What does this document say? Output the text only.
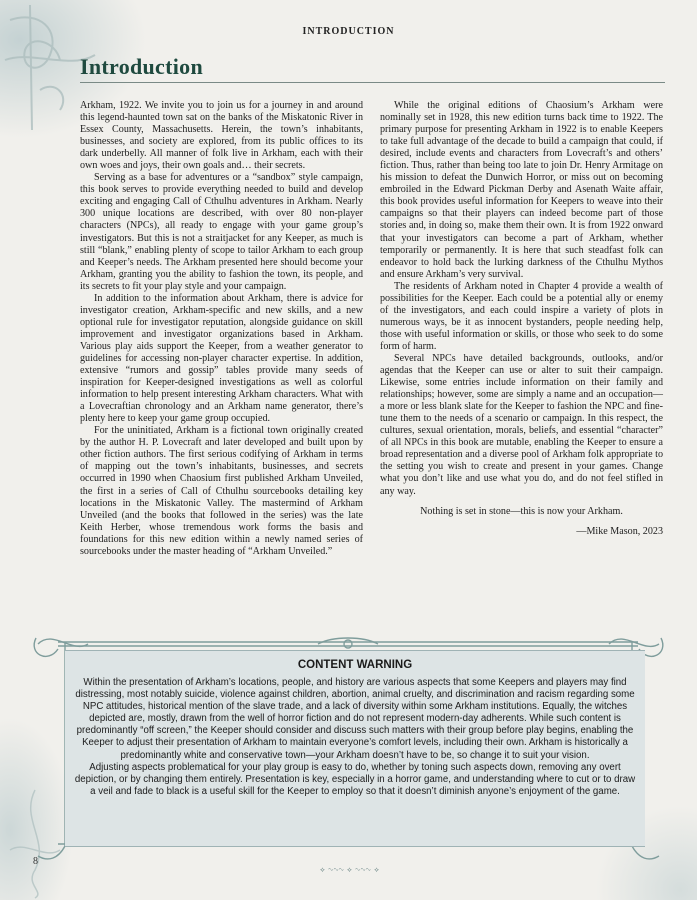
INTRODUCTION
Introduction

Arkham, 1922. We invite you to join us for a journey in and around this legend-haunted town sat on the banks of the Miskatonic River in Essex County, Massachusetts. Herein, the town’s inhabitants, businesses, and society are explored, from its public offices to its dark underbelly. All manner of folk live in Arkham, each with their own woes and joys, their own goals and… their secrets.

Serving as a base for adventures or a “sandbox” style campaign, this book serves to provide everything needed to build and develop exciting and engaging Call of Cthulhu adventures in Arkham. Nearly 300 unique locations are described, with over 80 non-player characters (NPCs), all ready to engage with your game group’s investigators. But this is not a straitjacket for any Keeper, as much is still “blank,” enabling plenty of scope to tailor Arkham to each group and Keeper’s needs. The Arkham presented here should become your Arkham, granting you the ability to fashion the town, its people, and its secrets to fit your play style and your campaign.

In addition to the information about Arkham, there is advice for investigator creation, Arkham-specific and new skills, and a new optional rule for investigator reputation, alongside guidance on skill improvement and investigator organizations based in Arkham. Various play aids support the Keeper, from a weather generator to guidelines for accessing non-player character expertise. In addition, extensive “rumors and gossip” tables provide many seeds of inspiration for Keeper-designed investigations as well as colorful information to help present interesting Arkham characters. What with a Lovecraftian chronology and an Arkham name generator, there’s plenty here to keep your game group occupied.

For the uninitiated, Arkham is a fictional town originally created by the author H. P. Lovecraft and later developed and built upon by other fiction authors. The first serious codifying of Arkham in terms of mapping out the town’s inhabitants, businesses, and secrets occurred in 1990 when Chaosium first published Arkham Unveiled, the first in a series of Call of Cthulhu sourcebooks detailing key locations in the Miskatonic Valley. The mastermind of Arkham Unveiled (and the books that followed in the series) was the late Keith Herber, whose tremendous work forms the basis and foundations for this new edition within a newly named series of sourcebooks under the master heading of “Arkham Unveiled.”

While the original editions of Chaosium’s Arkham were nominally set in 1928, this new edition turns back time to 1922. The primary purpose for presenting Arkham in 1922 is to enable Keepers to take full advantage of the decade to build a campaign that could, if desired, include events and characters from Lovecraft’s and others’ fiction. Thus, rather than being too late to join Dr. Henry Armitage on his mission to defeat the Dunwich Horror, or miss out on becoming embroiled in the Edward Pickman Derby and Asenath Waite affair, this book provides useful information for Keepers to weave into their campaigns so that their players can indeed become part of those stories and, in doing so, make them their own. It is from 1922 onward that your investigators can become a part of Arkham, whether temporarily or permanently. It is here that such steadfast folk can endeavor to hold back the lurking darkness of the Cthulhu Mythos and ensure Arkham’s very survival.

The residents of Arkham noted in Chapter 4 provide a wealth of possibilities for the Keeper. Each could be a potential ally or enemy of the investigators, and each could inspire a variety of plots in numerous ways, be it as innocent bystanders, people needing help, those with useful information or skills, or those who seek to do some form of harm.

Several NPCs have detailed backgrounds, outlooks, and/or agendas that the Keeper can use or alter to suit their campaign. Likewise, some entries include information on their family and relationships; however, some are simply a name and an occupation—a more or less blank slate for the Keeper to fashion the NPC and fine-tune them to the needs of a scenario or campaign. In this respect, the cultures, sexual orientation, morals, beliefs, and essential “character” of all NPCs in this book are mutable, enabling the Keeper to ensure a broad representation and a diverse pool of Arkham folk appropriate to the setting you wish to create and present in your games. Change what you don’t like and use what you do, and do not feel stifled in any way.

Nothing is set in stone—this is now your Arkham.

—Mike Mason, 2023

CONTENT WARNING

Within the presentation of Arkham’s locations, people, and history are various aspects that some Keepers and players may find distressing, most notably suicide, violence against children, abortion, animal cruelty, and discrimination and racism regarding some NPC attitudes, historical mention of the slave trade, and a lack of diversity within some Arkham institutions. Equally, the witches depicted are, mostly, drawn from the well of horror fiction and do not represent modern-day adherents. While such content is predominantly “off screen,” the Keeper should consider and discuss such matters with their group before play begins, enabling the Keeper to adjust their presentation of Arkham to maintain everyone’s comfort levels, including their own. Arkham is historically a predominantly white and conservative town—your Arkham doesn’t have to be, so change it to suit your vision.

Adjusting aspects problematical for your play group is easy to do, whether by toning such aspects down, removing any overt depiction, or by changing them entirely. Presentation is key, especially in a horror game, and understanding where to cut or to draw a veil and fade to black is a useful skill for the Keeper to employ so that it doesn’t diminish anyone’s enjoyment of the game.

⟡ ∿∿∿ ⟡ ∿∿∿ ⟡
8
